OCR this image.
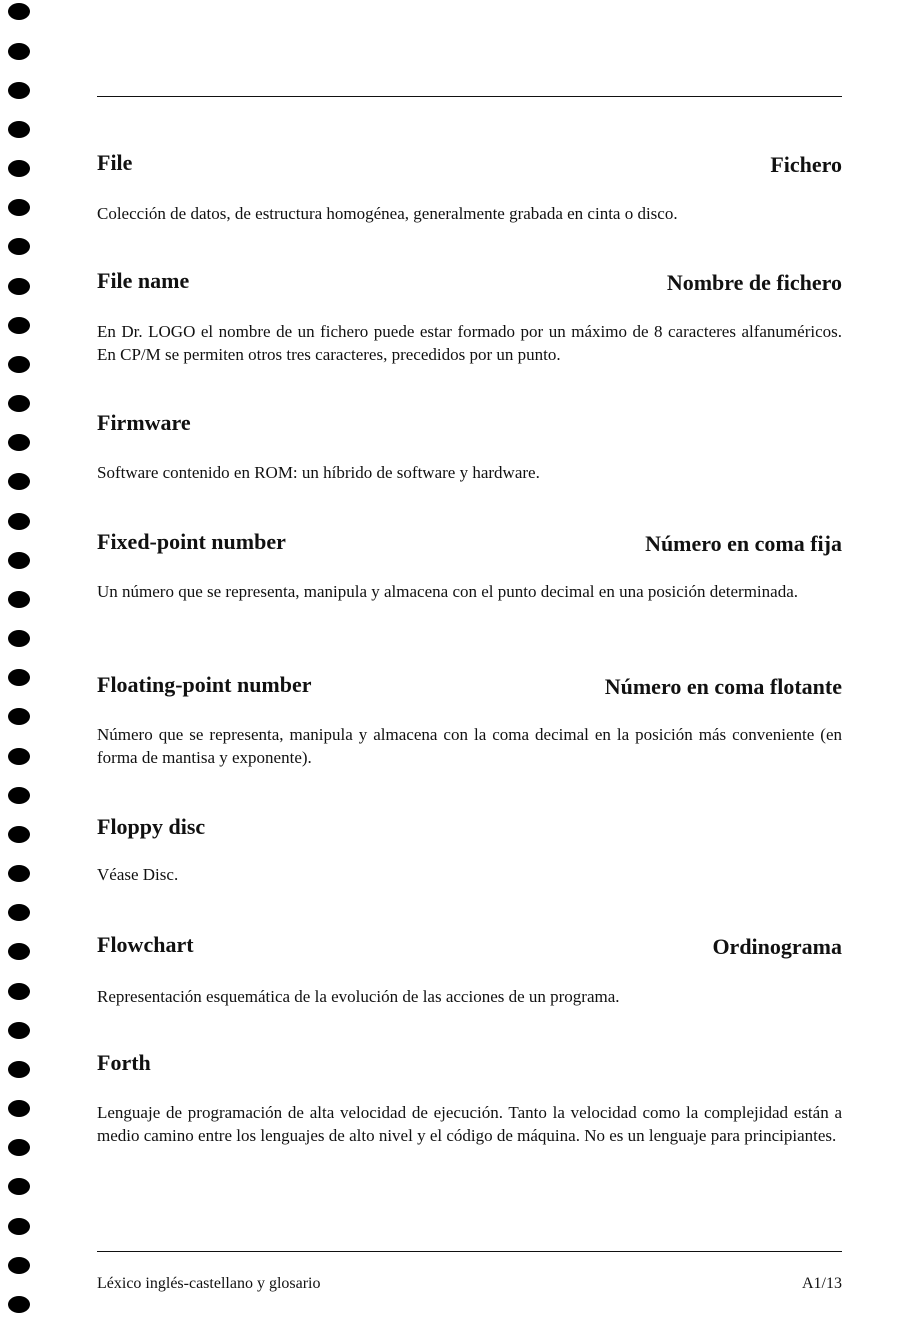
File	Fichero
Colección de datos, de estructura homogénea, generalmente grabada en cinta o disco.
File name	Nombre de fichero
En Dr. LOGO el nombre de un fichero puede estar formado por un máximo de 8 caracteres alfanuméricos. En CP/M se permiten otros tres caracteres, precedidos por un punto.
Firmware
Software contenido en ROM: un híbrido de software y hardware.
Fixed-point number	Número en coma fija
Un número que se representa, manipula y almacena con el punto decimal en una posición determinada.
Floating-point number	Número en coma flotante
Número que se representa, manipula y almacena con la coma decimal en la posición más conveniente (en forma de mantisa y exponente).
Floppy disc
Véase Disc.
Flowchart	Ordinograma
Representación esquemática de la evolución de las acciones de un programa.
Forth
Lenguaje de programación de alta velocidad de ejecución. Tanto la velocidad como la complejidad están a medio camino entre los lenguajes de alto nivel y el código de máquina. No es un lenguaje para principiantes.
Léxico inglés-castellano y glosario	A1/13
